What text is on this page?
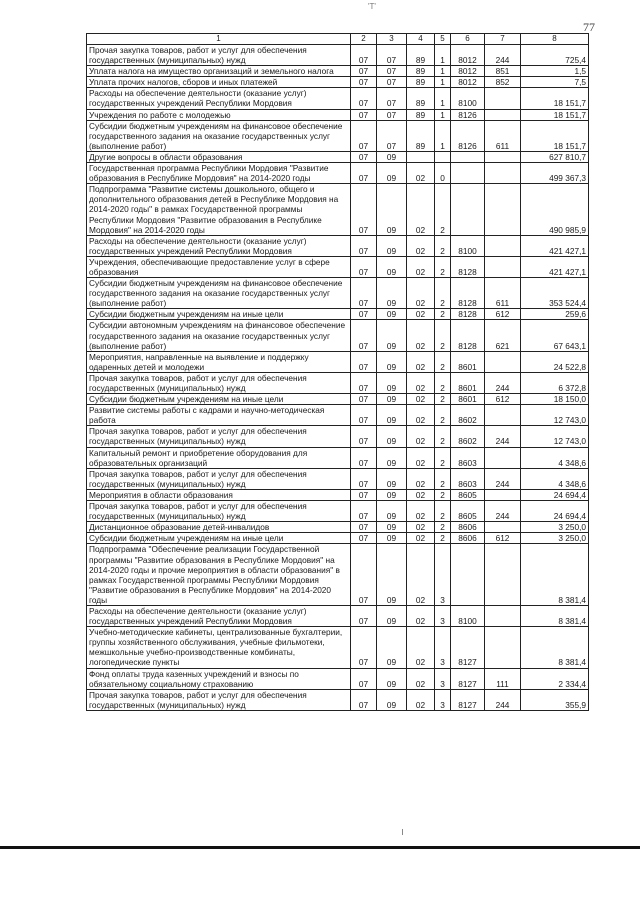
'Т'
77
1	2	3	4	5	6	7	8
Прочая закупка товаров, работ и услуг для обеспечения государственных (муниципальных) нужд	07	07	89	1	8012	244	725,4
Уплата налога на имущество организаций и земельного налога	07	07	89	1	8012	851	1,5
Уплата прочих налогов, сборов и иных платежей	07	07	89	1	8012	852	7,5
Расходы на обеспечение деятельности (оказание услуг) государственных учреждений Республики Мордовия	07	07	89	1	8100		18 151,7
Учреждения по работе с молодежью	07	07	89	1	8126		18 151,7
Субсидии бюджетным учреждениям на финансовое обеспечение государственного задания на оказание государственных услуг (выполнение работ)	07	07	89	1	8126	611	18 151,7
Другие вопросы в области образования	07	09					627 810,7
Государственная программа Республики Мордовия "Развитие образования в Республике Мордовия" на 2014-2020 годы	07	09	02	0			499 367,3
Подпрограмма "Развитие системы дошкольного, общего и дополнительного образования детей в Республике Мордовия на 2014-2020 годы" в рамках Государственной программы Республики Мордовия "Развитие образования в Республике Мордовия" на 2014-2020 годы	07	09	02	2			490 985,9
Расходы на обеспечение деятельности (оказание услуг) государственных учреждений Республики Мордовия	07	09	02	2	8100		421 427,1
Учреждения, обеспечивающие предоставление услуг в сфере образования	07	09	02	2	8128		421 427,1
Субсидии бюджетным учреждениям на финансовое обеспечение государственного задания на оказание государственных услуг (выполнение работ)	07	09	02	2	8128	611	353 524,4
Субсидии бюджетным учреждениям на иные цели	07	09	02	2	8128	612	259,6
Субсидии автономным учреждениям на финансовое обеспечение государственного задания на оказание государственных услуг (выполнение работ)	07	09	02	2	8128	621	67 643,1
Мероприятия, направленные на выявление и поддержку одаренных детей и молодежи	07	09	02	2	8601		24 522,8
Прочая закупка товаров, работ и услуг для обеспечения государственных (муниципальных) нужд	07	09	02	2	8601	244	6 372,8
Субсидии бюджетным учреждениям на иные цели	07	09	02	2	8601	612	18 150,0
Развитие системы работы с кадрами и научно-методическая работа	07	09	02	2	8602		12 743,0
Прочая закупка товаров, работ и услуг для обеспечения государственных (муниципальных) нужд	07	09	02	2	8602	244	12 743,0
Капитальный ремонт и приобретение оборудования для образовательных организаций	07	09	02	2	8603		4 348,6
Прочая закупка товаров, работ и услуг для обеспечения государственных (муниципальных) нужд	07	09	02	2	8603	244	4 348,6
Мероприятия в области образования	07	09	02	2	8605		24 694,4
Прочая закупка товаров, работ и услуг для обеспечения государственных (муниципальных) нужд	07	09	02	2	8605	244	24 694,4
Дистанционное образование детей-инвалидов	07	09	02	2	8606		3 250,0
Субсидии бюджетным учреждениям на иные цели	07	09	02	2	8606	612	3 250,0
Подпрограмма "Обеспечение реализации Государственной программы "Развитие образования в Республике Мордовия" на 2014-2020 годы и прочие мероприятия в области образования" в рамках Государственной программы Республики Мордовия "Развитие образования в Республике Мордовия" на 2014-2020 годы	07	09	02	3			8 381,4
Расходы на обеспечение деятельности (оказание услуг) государственных учреждений Республики Мордовия	07	09	02	3	8100		8 381,4
Учебно-методические кабинеты, централизованные бухгалтерии, группы хозяйственного обслуживания, учебные фильмотеки, межшкольные учебно-производственные комбинаты, логопедические пункты	07	09	02	3	8127		8 381,4
Фонд оплаты труда казенных учреждений и взносы по обязательному социальному страхованию	07	09	02	3	8127	111	2 334,4
Прочая закупка товаров, работ и услуг для обеспечения государственных (муниципальных) нужд	07	09	02	3	8127	244	355,9
